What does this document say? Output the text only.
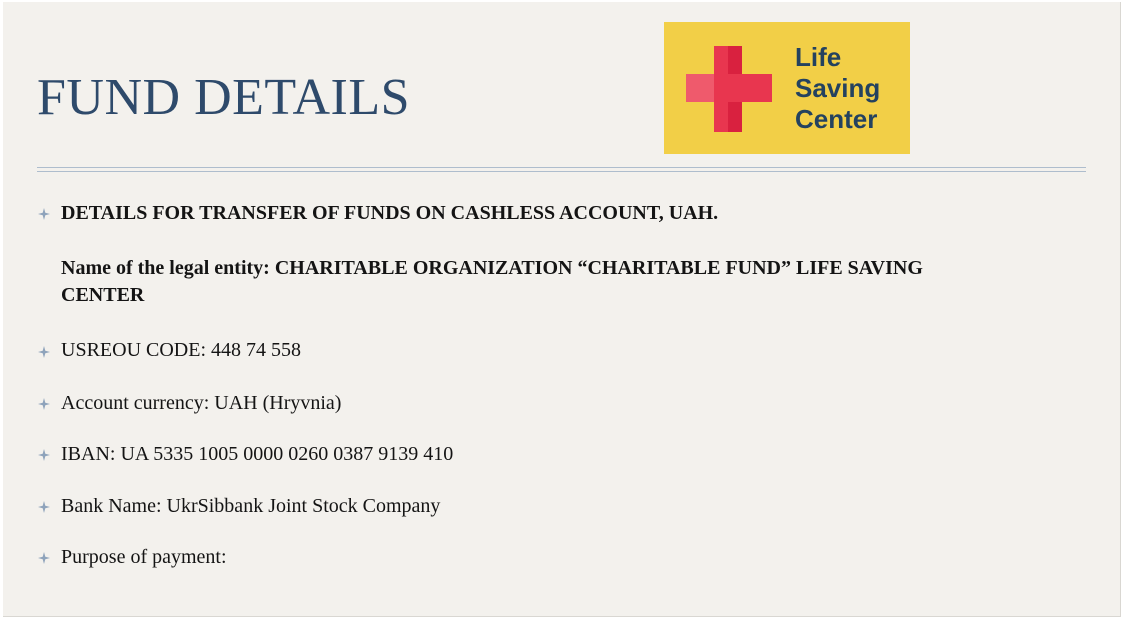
FUND DETAILS
Life
Saving
Center
DETAILS FOR TRANSFER OF FUNDS ON CASHLESS ACCOUNT, UAH.
Name of the legal entity: CHARITABLE ORGANIZATION “CHARITABLE FUND” LIFE SAVING
CENTER
USREOU CODE: 448 74 558
Account currency: UAH (Hryvnia)
IBAN: UA 5335 1005 0000 0260 0387 9139 410
Bank Name: UkrSibbank Joint Stock Company
Purpose of payment:
